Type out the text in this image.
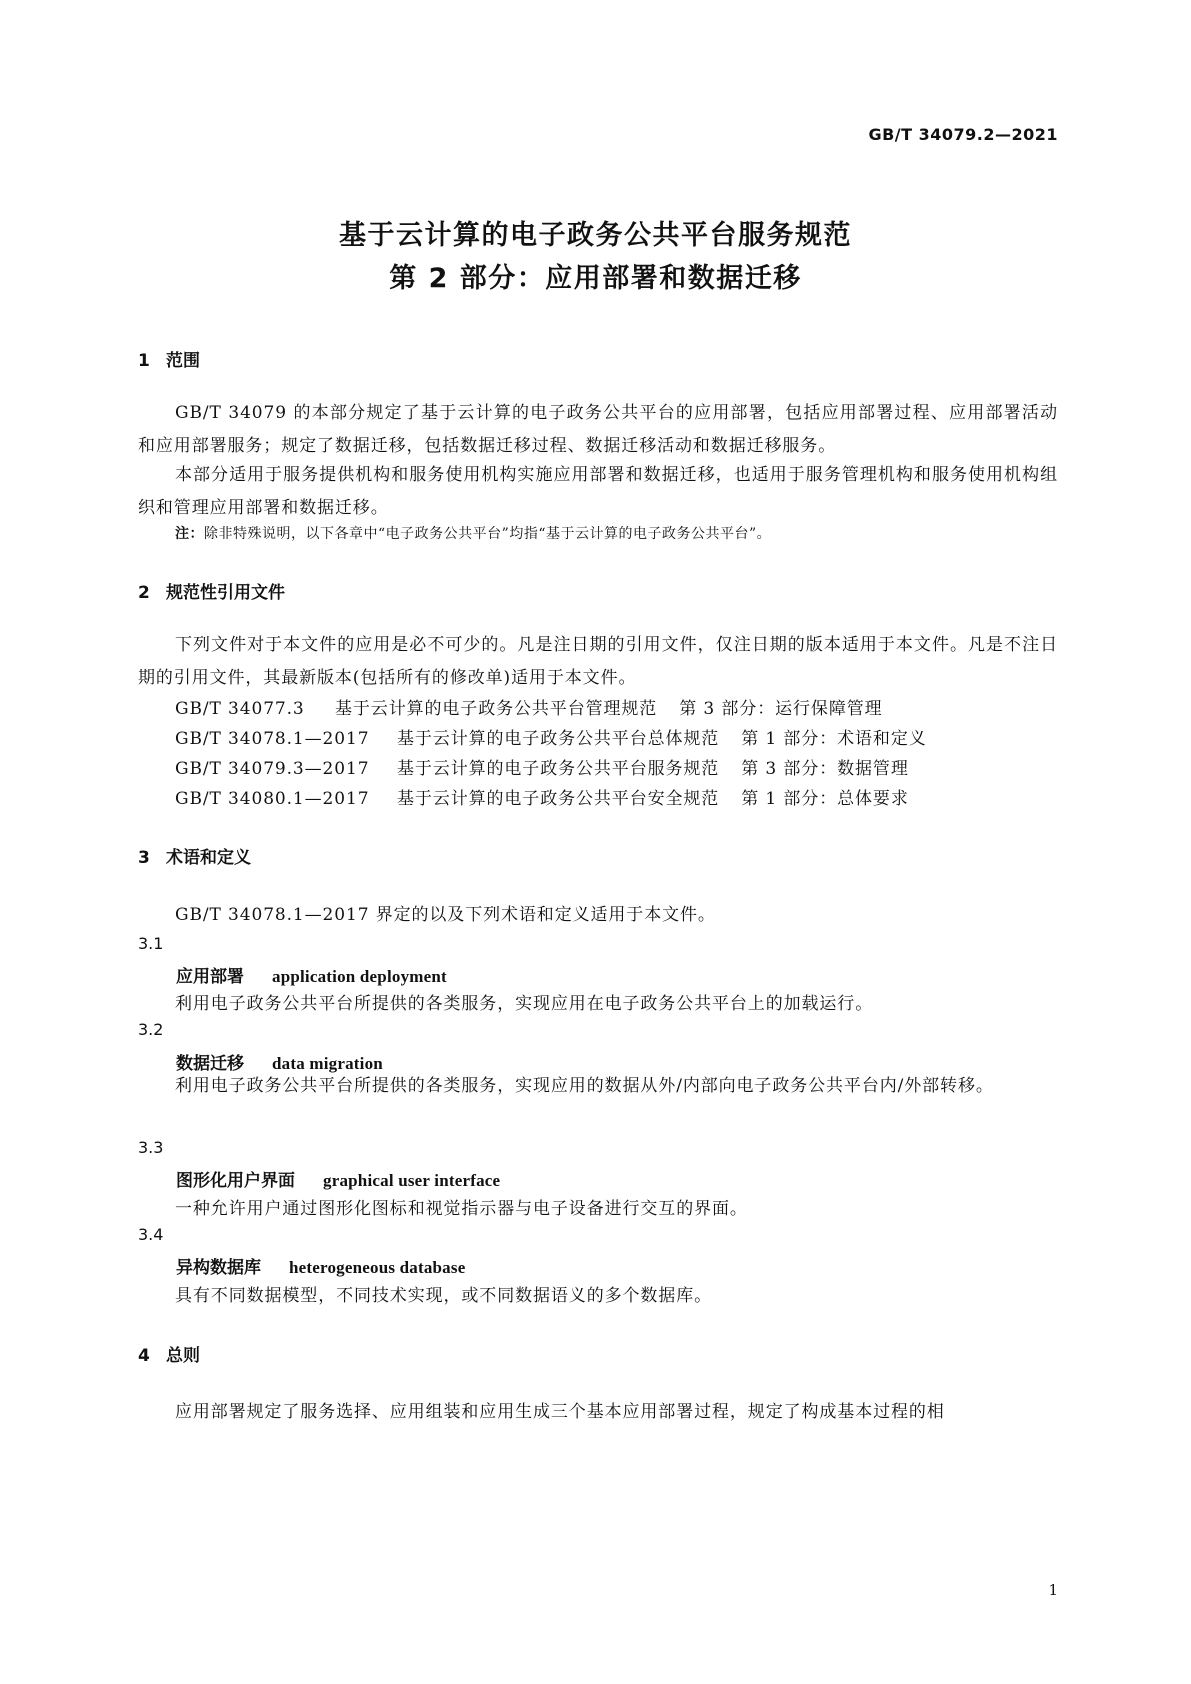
GB/T 34079.2—2021
基于云计算的电子政务公共平台服务规范
第 2 部分：应用部署和数据迁移
1 范围
GB/T 34079 的本部分规定了基于云计算的电子政务公共平台的应用部署，包括应用部署过程、应用部署活动和应用部署服务；规定了数据迁移，包括数据迁移过程、数据迁移活动和数据迁移服务。
本部分适用于服务提供机构和服务使用机构实施应用部署和数据迁移，也适用于服务管理机构和服务使用机构组织和管理应用部署和数据迁移。
注：除非特殊说明，以下各章中“电子政务公共平台”均指“基于云计算的电子政务公共平台”。
2 规范性引用文件
下列文件对于本文件的应用是必不可少的。凡是注日期的引用文件，仅注日期的版本适用于本文件。凡是不注日期的引用文件，其最新版本(包括所有的修改单)适用于本文件。
GB/T 34077.3 基于云计算的电子政务公共平台管理规范 第 3 部分：运行保障管理
GB/T 34078.1—2017 基于云计算的电子政务公共平台总体规范 第 1 部分：术语和定义
GB/T 34079.3—2017 基于云计算的电子政务公共平台服务规范 第 3 部分：数据管理
GB/T 34080.1—2017 基于云计算的电子政务公共平台安全规范 第 1 部分：总体要求
3 术语和定义
GB/T 34078.1—2017 界定的以及下列术语和定义适用于本文件。
3.1
应用部署 application deployment
利用电子政务公共平台所提供的各类服务，实现应用在电子政务公共平台上的加载运行。
3.2
数据迁移 data migration
利用电子政务公共平台所提供的各类服务，实现应用的数据从外/内部向电子政务公共平台内/外部转移。
3.3
图形化用户界面 graphical user interface
一种允许用户通过图形化图标和视觉指示器与电子设备进行交互的界面。
3.4
异构数据库 heterogeneous database
具有不同数据模型，不同技术实现，或不同数据语义的多个数据库。
4 总则
应用部署规定了服务选择、应用组装和应用生成三个基本应用部署过程，规定了构成基本过程的相
1
